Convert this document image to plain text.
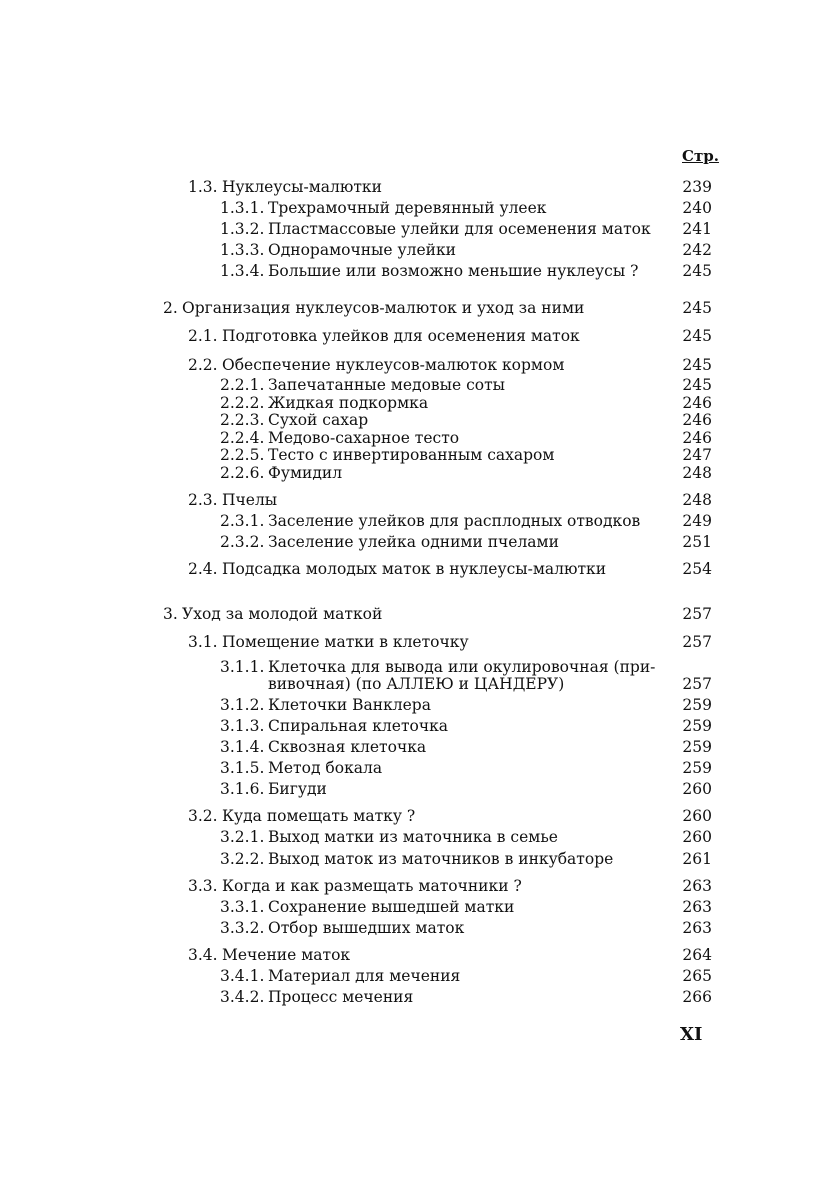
Стр.
1.3. Нуклеусы-малютки	239
1.3.1. Трехрамочный деревянный улеек	240
1.3.2. Пластмассовые улейки для осеменения маток 241
1.3.3. Однорамочные улейки	242
1.3.4. Большие или возможно меньшие нуклеусы ?	245
2. Организация нуклеусов-малюток и уход за ними	245
2.1. Подготовка улейков для осеменения маток	245
2.2. Обеспечение нуклеусов-малюток кормом	245
2.2.1. Запечатанные медовые соты	245
2.2.2. Жидкая подкормка	246
2.2.3. Сухой сахар	246
2.2.4. Медово-сахарное тесто	246
2.2.5. Тесто с инвертированным сахаром	247
2.2.6. Фумидил	248
2.3. Пчелы	248
2.3.1. Заселение улейков для расплодных отводков	249
2.3.2. Заселение улейка одними пчелами	251
2.4. Подсадка молодых маток в нуклеусы-малютки	254
3. Уход за молодой маткой	257
3.1. Помещение матки в клеточку	257
3.1.1. Клеточка для вывода или окулировочная (при-
вивочная) (по АЛЛЕЮ и ЦАНДЕРУ)	257
3.1.2. Клеточки Ванклера	259
3.1.3. Спиральная клеточка	259
3.1.4. Сквозная клеточка	259
3.1.5. Метод бокала	259
3.1.6. Бигуди	260
3.2. Куда помещать матку ?	260
3.2.1. Выход матки из маточника в семье	260
3.2.2. Выход маток из маточников в инкубаторе	261
3.3. Когда и как размещать маточники ?	263
3.3.1. Сохранение вышедшей матки	263
3.3.2. Отбор вышедших маток	263
3.4. Мечение маток	264
3.4.1. Материал для мечения	265
3.4.2. Процесс мечения	266
XI
